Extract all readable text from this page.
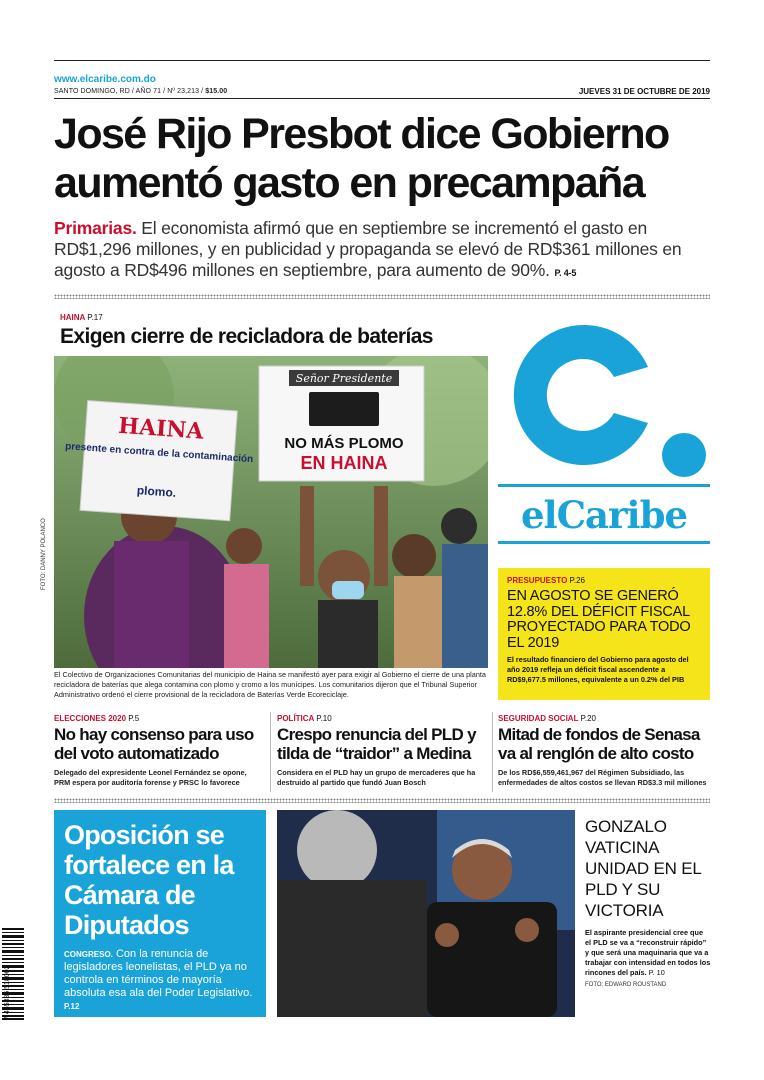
www.elcaribe.com.do
SANTO DOMINGO, RD / AÑO 71 / Nº 23,213 / $15.00	JUEVES 31 DE OCTUBRE DE 2019
José Rijo Presbot dice Gobierno aumentó gasto en precampaña
Primarias. El economista afirmó que en septiembre se incrementó el gasto en RD$1,296 millones, y en publicidad y propaganda se elevó de RD$361 millones en agosto a RD$496 millones en septiembre, para aumento de 90%. P. 4-5
HAINA P.17
Exigen cierre de recicladora de baterías
HAINA
presente en contra de la contaminación
plomo.
Señor Presidente
NO MÁS PLOMO
EN HAINA
FOTO: DANNY POLANCO
El Colectivo de Organizaciones Comunitarias del municipio de Haina se manifestó ayer para exigir al Gobierno el cierre de una planta recicladora de baterías que alega contamina con plomo y cromo a los munícipes. Los comunitarios dijeron que el Tribunal Superior Administrativo ordenó el cierre provisional de la recicladora de Baterías Verde Ecoreciclaje.
elCaribe
PRESUPUESTO P.26
EN AGOSTO SE GENERÓ 12.8% DEL DÉFICIT FISCAL PROYECTADO PARA TODO EL 2019
El resultado financiero del Gobierno para agosto del año 2019 refleja un déficit fiscal ascendente a RD$9,677.5 millones, equivalente a un 0.2% del PIB
ELECCIONES 2020 P.5
No hay consenso para uso del voto automatizado
Delegado del expresidente Leonel Fernández se opone, PRM espera por auditoría forense y PRSC lo favorece
POLÍTICA P.10
Crespo renuncia del PLD y tilda de “traidor” a Medina
Considera en el PLD hay un grupo de mercaderes que ha destruido al partido que fundó Juan Bosch
SEGURIDAD SOCIAL P.20
Mitad de fondos de Senasa va al renglón de alto costo
De los RD$6,559,461,967 del Régimen Subsidiado, las enfermedades de altos costos se llevan RD$3.3 mil millones
Oposición se fortalece en la Cámara de Diputados
CONGRESO. Con la renuncia de legisladores leonelistas, el PLD ya no controla en términos de mayoría absoluta esa ala del Poder Legislativo. P.12
GONZALO VATICINA UNIDAD EN EL PLD Y SU VICTORIA
El aspirante presidencial cree que el PLD se va a “reconstruir rápido” y que será una maquinaria que va a trabajar con intensidad en todos los rincones del país. P. 10
FOTO: EDWARD ROUSTAND
7 465336 518002
